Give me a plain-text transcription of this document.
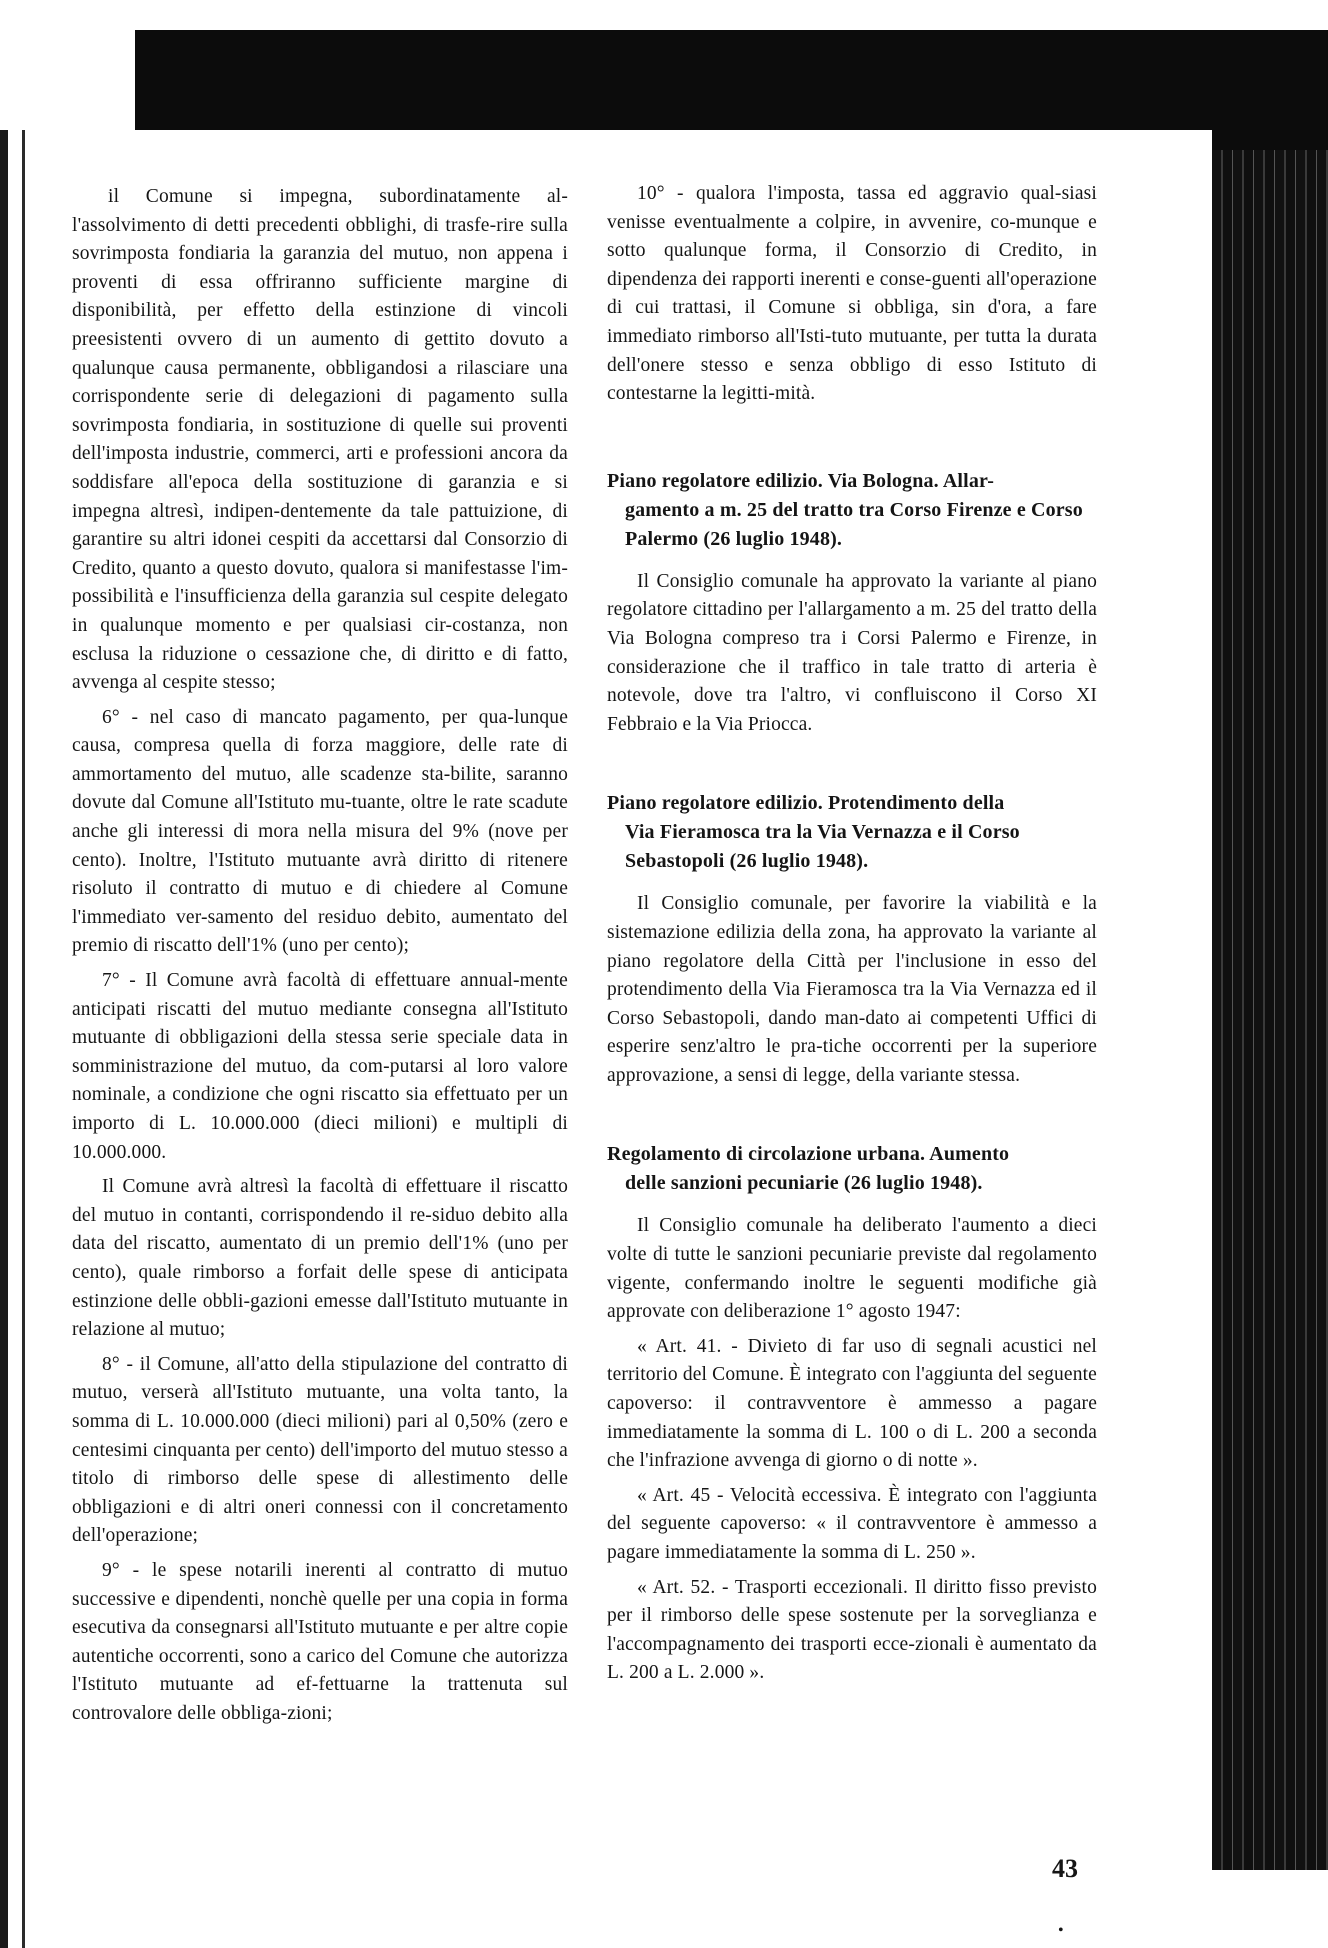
il Comune si impegna, subordinatamente al-l'assolvimento di detti precedenti obblighi, di trasfe-rire sulla sovrimposta fondiaria la garanzia del mutuo, non appena i proventi di essa offriranno sufficiente margine di disponibilità, per effetto della estinzione di vincoli preesistenti ovvero di un aumento di gettito dovuto a qualunque causa permanente, obbligandosi a rilasciare una corrispondente serie di delegazioni di pagamento sulla sovrimposta fondiaria, in sostituzione di quelle sui proventi dell'imposta industrie, commerci, arti e professioni ancora da soddisfare all'epoca della sostituzione di garanzia e si impegna altresì, indipen-dentemente da tale pattuizione, di garantire su altri idonei cespiti da accettarsi dal Consorzio di Credito, quanto a questo dovuto, qualora si manifestasse l'im-possibilità e l'insufficienza della garanzia sul cespite delegato in qualunque momento e per qualsiasi cir-costanza, non esclusa la riduzione o cessazione che, di diritto e di fatto, avvenga al cespite stesso;

6° - nel caso di mancato pagamento, per qua-lunque causa, compresa quella di forza maggiore, delle rate di ammortamento del mutuo, alle scadenze sta-bilite, saranno dovute dal Comune all'Istituto mu-tuante, oltre le rate scadute anche gli interessi di mora nella misura del 9% (nove per cento). Inoltre, l'Istituto mutuante avrà diritto di ritenere risoluto il contratto di mutuo e di chiedere al Comune l'immediato ver-samento del residuo debito, aumentato del premio di riscatto dell'1% (uno per cento);

7° - Il Comune avrà facoltà di effettuare annual-mente anticipati riscatti del mutuo mediante consegna all'Istituto mutuante di obbligazioni della stessa serie speciale data in somministrazione del mutuo, da com-putarsi al loro valore nominale, a condizione che ogni riscatto sia effettuato per un importo di L. 10.000.000 (dieci milioni) e multipli di 10.000.000.

Il Comune avrà altresì la facoltà di effettuare il riscatto del mutuo in contanti, corrispondendo il re-siduo debito alla data del riscatto, aumentato di un premio dell'1% (uno per cento), quale rimborso a forfait delle spese di anticipata estinzione delle obbli-gazioni emesse dall'Istituto mutuante in relazione al mutuo;

8° - il Comune, all'atto della stipulazione del contratto di mutuo, verserà all'Istituto mutuante, una volta tanto, la somma di L. 10.000.000 (dieci milioni) pari al 0,50% (zero e centesimi cinquanta per cento) dell'importo del mutuo stesso a titolo di rimborso delle spese di allestimento delle obbligazioni e di altri oneri connessi con il concretamento dell'operazione;

9° - le spese notarili inerenti al contratto di mutuo successive e dipendenti, nonchè quelle per una copia in forma esecutiva da consegnarsi all'Istituto mutuante e per altre copie autentiche occorrenti, sono a carico del Comune che autorizza l'Istituto mutuante ad ef-fettuarne la trattenuta sul controvalore delle obbliga-zioni;

10° - qualora l'imposta, tassa ed aggravio qual-siasi venisse eventualmente a colpire, in avvenire, co-munque e sotto qualunque forma, il Consorzio di Credito, in dipendenza dei rapporti inerenti e conse-guenti all'operazione di cui trattasi, il Comune si obbliga, sin d'ora, a fare immediato rimborso all'Isti-tuto mutuante, per tutta la durata dell'onere stesso e senza obbligo di esso Istituto di contestarne la legitti-mità.

Piano regolatore edilizio. Via Bologna. Allar-
gamento a m. 25 del tratto tra Corso Firenze e Corso Palermo (26 luglio 1948).

Il Consiglio comunale ha approvato la variante al piano regolatore cittadino per l'allargamento a m. 25 del tratto della Via Bologna compreso tra i Corsi Palermo e Firenze, in considerazione che il traffico in tale tratto di arteria è notevole, dove tra l'altro, vi confluiscono il Corso XI Febbraio e la Via Priocca.

Piano regolatore edilizio. Protendimento della
Via Fieramosca tra la Via Vernazza e il Corso Sebastopoli (26 luglio 1948).

Il Consiglio comunale, per favorire la viabilità e la sistemazione edilizia della zona, ha approvato la variante al piano regolatore della Città per l'inclusione in esso del protendimento della Via Fieramosca tra la Via Vernazza ed il Corso Sebastopoli, dando man-dato ai competenti Uffici di esperire senz'altro le pra-tiche occorrenti per la superiore approvazione, a sensi di legge, della variante stessa.

Regolamento di circolazione urbana. Aumento
delle sanzioni pecuniarie (26 luglio 1948).

Il Consiglio comunale ha deliberato l'aumento a dieci volte di tutte le sanzioni pecuniarie previste dal regolamento vigente, confermando inoltre le seguenti modifiche già approvate con deliberazione 1° agosto 1947:

« Art. 41. - Divieto di far uso di segnali acustici nel territorio del Comune. È integrato con l'aggiunta del seguente capoverso: il contravventore è ammesso a pagare immediatamente la somma di L. 100 o di L. 200 a seconda che l'infrazione avvenga di giorno o di notte ».

« Art. 45 - Velocità eccessiva. È integrato con l'aggiunta del seguente capoverso: « il contravventore è ammesso a pagare immediatamente la somma di L. 250 ».

« Art. 52. - Trasporti eccezionali. Il diritto fisso previsto per il rimborso delle spese sostenute per la sorveglianza e l'accompagnamento dei trasporti ecce-zionali è aumentato da L. 200 a L. 2.000 ».

43
•
